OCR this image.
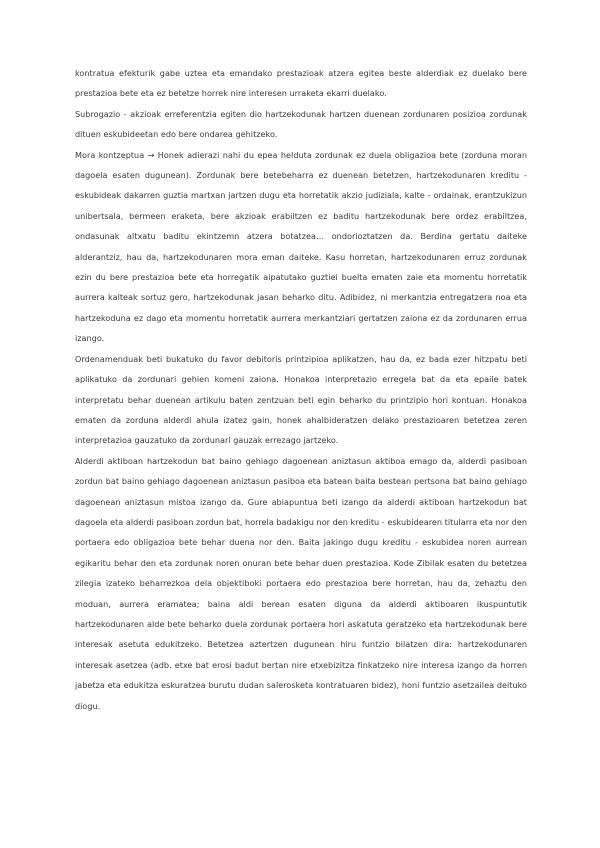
kontratua efekturik gabe uztea eta emandako prestazioak atzera egitea beste alderdiak ez duelako bere prestazioa bete eta ez betetze horrek nire interesen urraketa ekarri duelako.

Subrogazio - akzioak erreferentzia egiten dio hartzekodunak hartzen duenean zordunaren posizioa zordunak dituen eskubideetan edo bere ondarea gehitzeko.

Mora kontzeptua → Honek adierazi nahi du epea helduta zordunak ez duela obligazioa bete (zorduna moran dagoela esaten dugunean). Zordunak bere betebeharra ez duenean betetzen, hartzekodunaren kreditu - eskubideak dakarren guztia martxan jartzen dugu eta horretatik akzio judiziala, kalte - ordainak, erantzukizun unibertsala, bermeen eraketa, bere akzioak erabiltzen ez baditu hartzekodunak bere ordez erabiltzea, ondasunak altxatu baditu ekintzemn atzera botatzea… ondorioztatzen da. Berdina gertatu daiteke alderantziz, hau da, hartzekodunaren mora eman daiteke. Kasu horretan, hartzekodunaren erruz zordunak ezin du bere prestazioa bete eta horregatik aipatutako guztiei bueltа ematen zaie eta momentu horretatik aurrera kalteak sortuz gero, hartzekodunak jasan beharko ditu. Adibidez, ni merkantzia entregatzera noa eta hartzekoduna ez dago eta momentu horretatik aurrera merkantziari gertatzen zaiona ez da zordunaren errua izango.

Ordenamenduak beti bukatuko du favor debitoris printzipioa aplikatzen, hau da, ez bada ezer hitzpatu beti aplikatuko da zordunari gehien komeni zaiona. Honakoa interpretazio erregela bat da eta epaile batek interpretatu behar duenean artikulu baten zentzuan beti egin beharko du printzipio hori kontuan. Honakoa ematen da zorduna alderdi ahula izatez gain, honek ahalbideratzen delako prestazioaren betetzea zeren interpretazioa gauzatuko da zordunari gauzak errezago jartzeko.

Alderdi aktiboan hartzekodun bat baino gehiago dagoenean aniztasun aktiboa emago da, alderdi pasiboan zordun bat baino gehiago dagoenean aniztasun pasiboa eta batean baita bestean pertsona bat baino gehiago dagoenean aniztasun mistoa izango da. Gure abiapuntua beti izango da alderdi aktiboan hartzekodun bat dagoela eta alderdi pasiboan zordun bat, horrela badakigu nor den kreditu - eskubidearen titularra eta nor den portaera edo obligazioa bete behar duena nor den. Baita jakingo dugu kreditu - eskubidea noren aurrean egikaritu behar den eta zordunak noren onuran bete behar duen prestazioa. Kode Zibilak esaten du betetzea zilegia izateko beharrezkoa dela objektiboki portaera edo prestazioa bere horretan, hau da, zehaztu den moduan, aurrera eramatea; baina aldi berean esaten diguna da alderdi aktiboaren ikuspuntutik hartzekodunaren alde bete beharko duela zordunak portaera hori askatuta geratzeko eta hartzekodunak bere interesak asetuta edukitzeko. Betetzea aztertzen dugunean hiru funtzio bilatzen dira: hartzekodunaren interesak asetzea (adb. etxe bat erosi badut bertan nire etxebizitza finkatzeko nire interesa izango da horren jabetza eta edukitza eskuratzea burutu dudan salerosketa kontratuaren bidez), honi funtzio asetzailea deituko diogu.
